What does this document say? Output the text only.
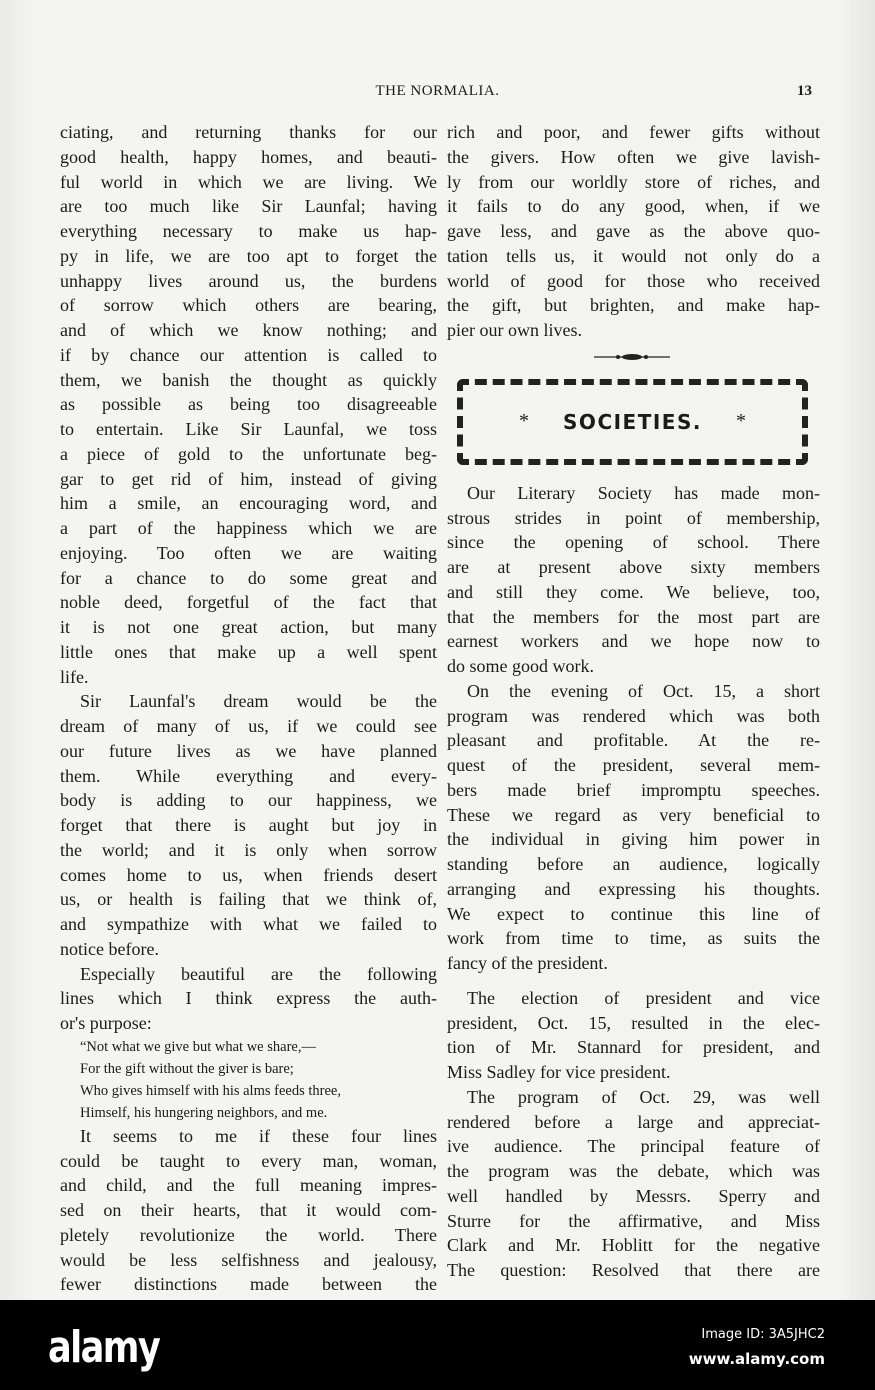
THE NORMALIA.	13
ciating, and returning thanks for our
good health, happy homes, and beauti-
ful world in which we are living. We
are too much like Sir Launfal; having
everything necessary to make us hap-
py in life, we are too apt to forget the
unhappy lives around us, the burdens
of sorrow which others are bearing,
and of which we know nothing; and
if by chance our attention is called to
them, we banish the thought as quickly
as possible as being too disagreeable
to entertain. Like Sir Launfal, we toss
a piece of gold to the unfortunate beg-
gar to get rid of him, instead of giving
him a smile, an encouraging word, and
a part of the happiness which we are
enjoying. Too often we are waiting
for a chance to do some great and
noble deed, forgetful of the fact that
it is not one great action, but many
little ones that make up a well spent
life.
Sir Launfal's dream would be the
dream of many of us, if we could see
our future lives as we have planned
them. While everything and every-
body is adding to our happiness, we
forget that there is aught but joy in
the world; and it is only when sorrow
comes home to us, when friends desert
us, or health is failing that we think of,
and sympathize with what we failed to
notice before.
Especially beautiful are the following
lines which I think express the auth-
or's purpose:
“Not what we give but what we share,—
For the gift without the giver is bare;
Who gives himself with his alms feeds three,
Himself, his hungering neighbors, and me.
It seems to me if these four lines
could be taught to every man, woman,
and child, and the full meaning impres-
sed on their hearts, that it would com-
pletely revolutionize the world. There
would be less selfishness and jealousy,
fewer distinctions made between the
rich and poor, and fewer gifts without
the givers. How often we give lavish-
ly from our worldly store of riches, and
it fails to do any good, when, if we
gave less, and gave as the above quo-
tation tells us, it would not only do a
world of good for those who received
the gift, but brighten, and make hap-
pier our own lives.
* SOCIETIES. *
Our Literary Society has made mon-
strous strides in point of membership,
since the opening of school. There
are at present above sixty members
and still they come. We believe, too,
that the members for the most part are
earnest workers and we hope now to
do some good work.
On the evening of Oct. 15, a short
program was rendered which was both
pleasant and profitable. At the re-
quest of the president, several mem-
bers made brief impromptu speeches.
These we regard as very beneficial to
the individual in giving him power in
standing before an audience, logically
arranging and expressing his thoughts.
We expect to continue this line of
work from time to time, as suits the
fancy of the president.
The election of president and vice
president, Oct. 15, resulted in the elec-
tion of Mr. Stannard for president, and
Miss Sadley for vice president.
The program of Oct. 29, was well
rendered before a large and appreciat-
ive audience. The principal feature of
the program was the debate, which was
well handled by Messrs. Sperry and
Sturre for the affirmative, and Miss
Clark and Mr. Hoblitt for the negative
The question: Resolved that there are
alamy	Image ID: 3A5JHC2
www.alamy.com
